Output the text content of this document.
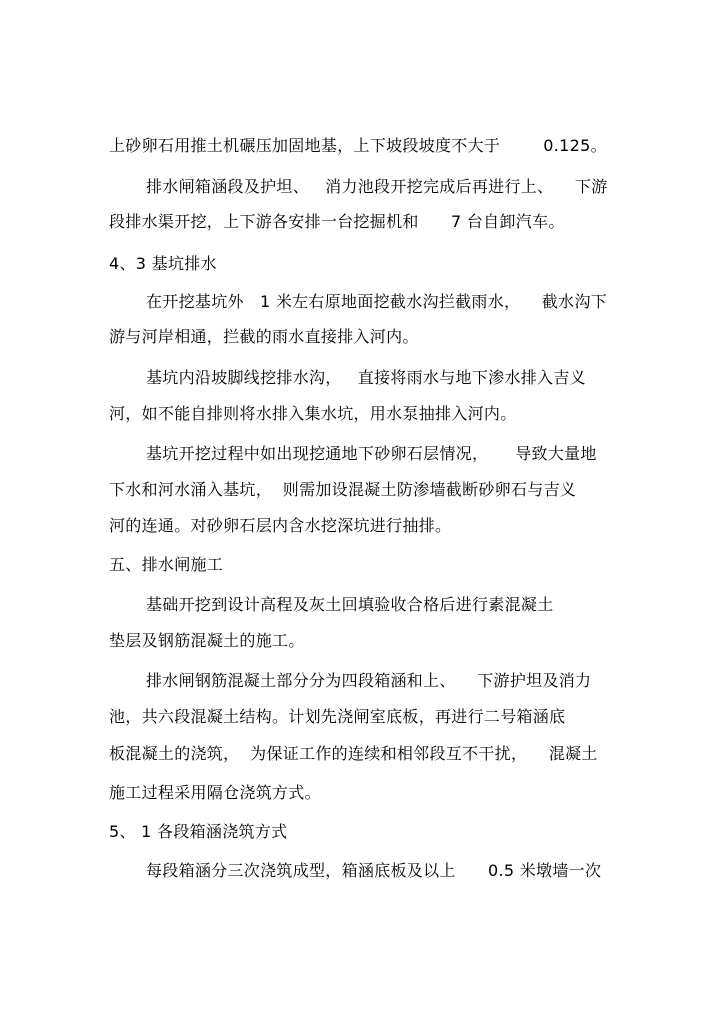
上砂卵石用推土机碾压加固地基，上下坡段坡度不大于        0.125。
排水闸箱涵段及护坦、   消力池段开挖完成后再进行上、    下游
段排水渠开挖，上下游各安排一台挖掘机和      7 台自卸汽车。
4、3 基坑排水
在开挖基坑外   1 米左右原地面挖截水沟拦截雨水，    截水沟下
游与河岸相通，拦截的雨水直接排入河内。
基坑内沿坡脚线挖排水沟，   直接将雨水与地下渗水排入吉义
河，如不能自排则将水排入集水坑，用水泵抽排入河内。
基坑开挖过程中如出现挖通地下砂卵石层情况，     导致大量地
下水和河水涌入基坑，  则需加设混凝土防渗墙截断砂卵石与吉义
河的连通。对砂卵石层内含水挖深坑进行抽排。
五、排水闸施工
基础开挖到设计高程及灰土回填验收合格后进行素混凝土
垫层及钢筋混凝土的施工。
排水闸钢筋混凝土部分分为四段箱涵和上、    下游护坦及消力
池，共六段混凝土结构。计划先浇闸室底板，再进行二号箱涵底
板混凝土的浇筑，  为保证工作的连续和相邻段互不干扰，    混凝土
施工过程采用隔仓浇筑方式。
5、 1 各段箱涵浇筑方式
每段箱涵分三次浇筑成型，箱涵底板及以上      0.5 米墩墙一次
